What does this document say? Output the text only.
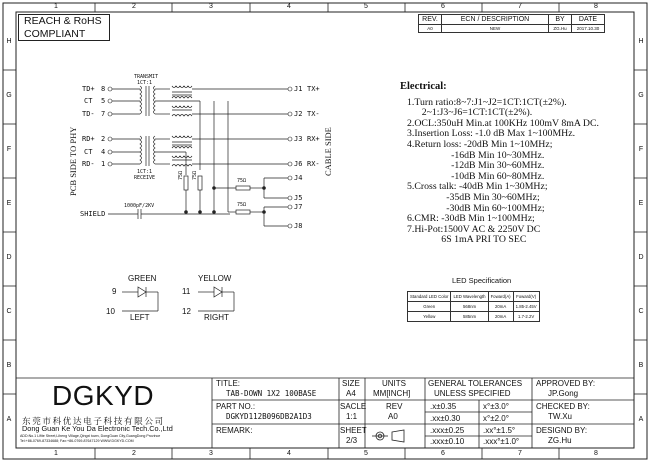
1	2	3	4	5	6	7	8
1	2	3	4	5	6	7	8
H
G
F
E
D
C
B
A
H
G
F
E
D
C
B
A
REACH & RoHS
COMPLIANT
REV.	ECN / DESCRIPTION	BY	DATE
A0	NEW	ZG.Hu	2017.10.30
TRANSMIT
1CT:1
1CT:1
RECEIVE
TD+ 8
CT 5
TD- 7
RD+ 2
CT 4
RD- 1
J1 TX+
J2 TX-
J3 RX+
J6 RX-
J4
J5
J7
J8
75Ω 75Ω
75Ω
75Ω
1000pF/2KV
SHIELD
PCB SIDE TO PHY	CABLE SIDE
GREEN
9
10
LEFT
YELLOW
11
12
RIGHT
Electrical:
1.Turn ratio:8~7:J1~J2=1CT:1CT(±2%).
2~1:J3~J6=1CT:1CT(±2%).
2.OCL:350uH Min.at 100KHz 100mV 8mA DC.
3.Insertion Loss: -1.0 dB Max 1~100MHz.
4.Return loss: -20dB Min 1~10MHz;
-16dB Min 10~30MHz.
-12dB Min 30~60MHz.
-10dB Min 60~80MHz.
5.Cross talk: -40dB Min 1~30MHz;
-35dB Min 30~60MHz;
-30dB Min 60~100MHz;
6.CMR: -30dB Min 1~100MHz;
7.Hi-Pot:1500V AC & 2250V DC
6S 1mA PRI TO SEC
LED Specification
Standard LED Color	LED Wavelength	Foward(A)	Foward(V)
Green	568nm	20mA	1.85-2.45V
Yellow	585nm	20mA	1.7-2.2V
DGKYD
东莞市科优达电子科技有限公司
Dong Guan Ke You Da Electronic Tech.Co.,Ltd
ADD:No.1 Lifite Street,Liheng Village,Qingxi town, DongGuan City,GuangDong Province
Tel:+86-0769-87334688; Fax:+86-0769-87647129 WWW.DGKYD.COM
TITLE:
TAB-DOWN 1X2 100BASE
PART NO.:
DGKYD112B096DB2A1D3
REMARK:
SIZE
A4
SACLE
1:1
SHEET
2/3
UNITS
MM[INCH]
REV
A0
GENERAL TOLERANCES
UNLESS SPECIFIED
.x±0.35	x°±3.0°
.xx±0.30	x°±2.0°
.xxx±0.25 .xx°±1.5°
.xxx±0.10 .xxx°±1.0°
APPROVED BY:
JP.Gong
CHECKED BY:
TW.Xu
DESIGND BY:
ZG.Hu
